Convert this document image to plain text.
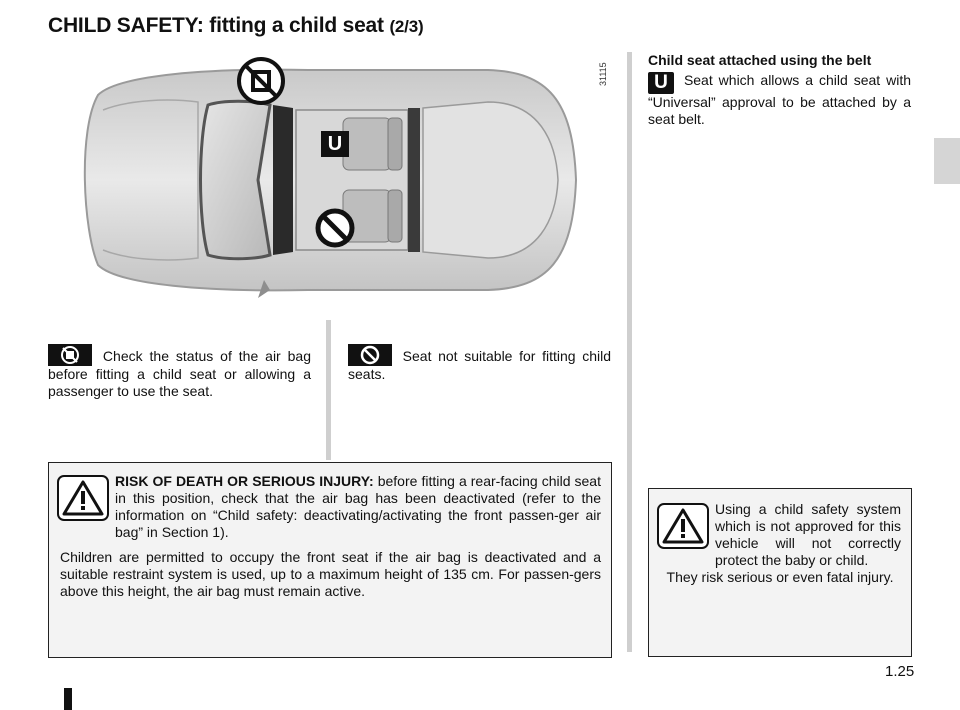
CHILD SAFETY: fitting a child seat (2/3)
U
31115
Child seat attached using the belt
U Seat which allows a child seat with “Universal” approval to be attached by a seat belt.
Check the status of the air bag before fitting a child seat or allowing a passenger to use the seat.
Seat not suitable for fitting child seats.

RISK OF DEATH OR SERIOUS INJURY: before fitting a rear-facing child seat in this position, check that the air bag has been deactivated (refer to the information on “Child safety: deactivating/activating the front passen-ger air bag” in Section 1).

Children are permitted to occupy the front seat if the air bag is deactivated and a suitable restraint system is used, up to a maximum height of 135 cm. For passen-gers above this height, the air bag must remain active.

Using a child safety system which is not approved for this vehicle will not correctly protect the baby or child.

They risk serious or even fatal injury.

1.25
